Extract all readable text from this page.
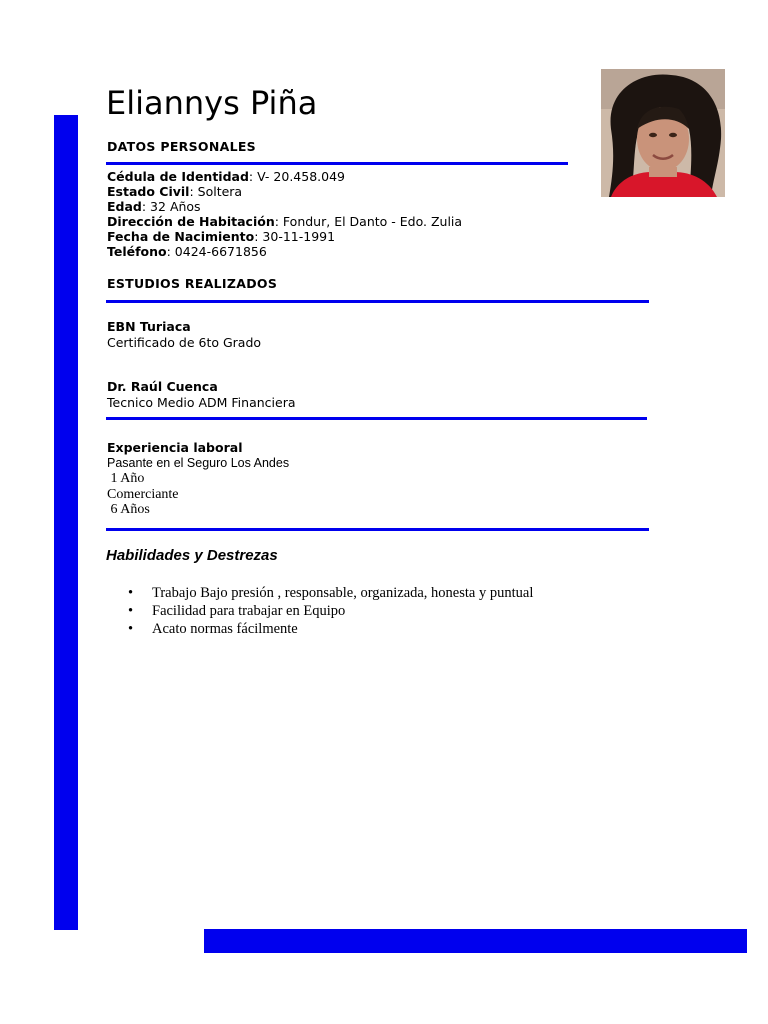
Eliannys Piña
DATOS PERSONALES
Cédula de Identidad: V- 20.458.049
Estado Civil: Soltera
Edad: 32 Años
Dirección de Habitación: Fondur, El Danto - Edo. Zulia
Fecha de Nacimiento: 30-11-1991
Teléfono: 0424-6671856
ESTUDIOS REALIZADOS
EBN Turiaca
Certificado de 6to Grado
Dr. Raúl Cuenca
Tecnico Medio ADM Financiera
Experiencia laboral
Pasante en el Seguro Los Andes
1 Año
Comerciante
6 Años
Habilidades y Destrezas
• Trabajo Bajo presión , responsable, organizada, honesta y puntual
• Facilidad para trabajar en Equipo
• Acato normas fácilmente
